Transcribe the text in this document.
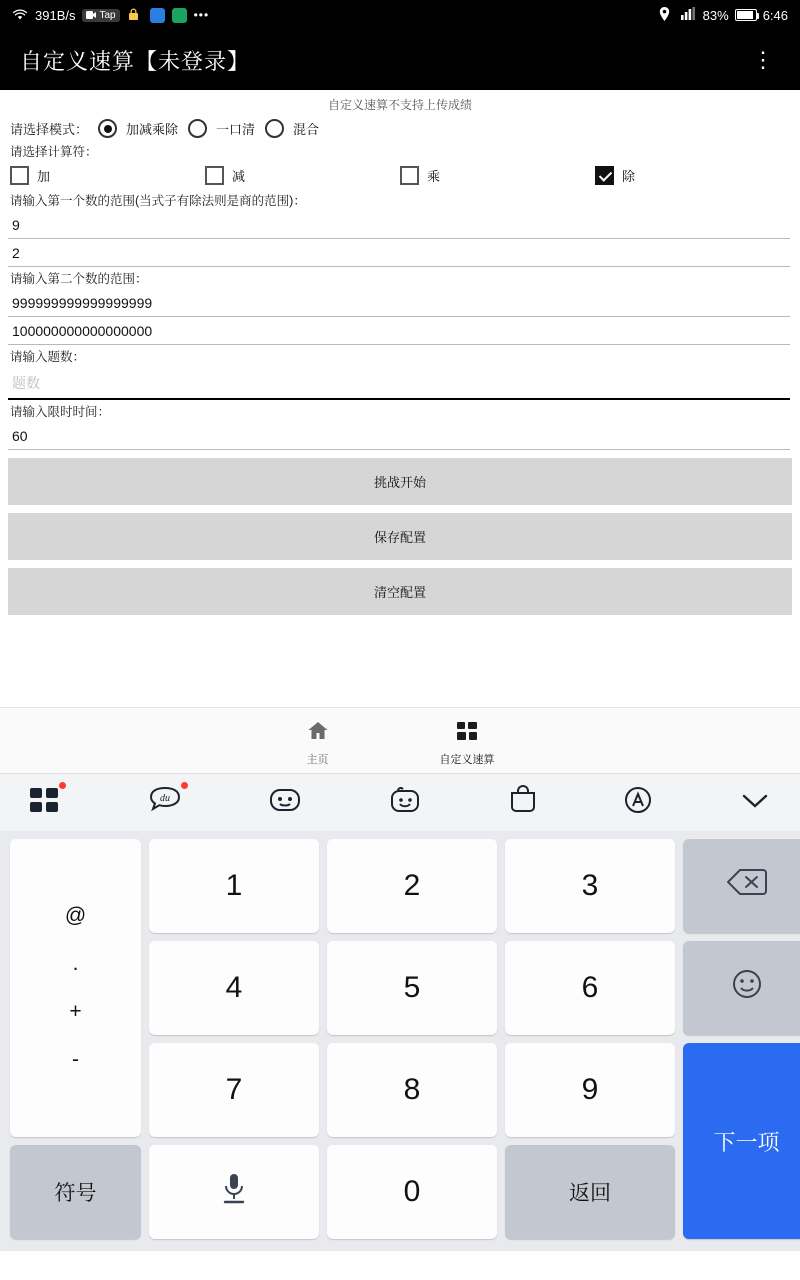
391B/s Tap	•••	83%	6:46
自定义速算【未登录】	⋮
自定义速算不支持上传成绩
请选择模式：	加减乘除	一口清	混合
请选择计算符：
加	减	乘	除
请输入第一个数的范围(当式子有除法则是商的范围)：
9
2
请输入第二个数的范围：
999999999999999999
100000000000000000
请输入题数：
题数
请输入限时时间：
60
挑战开始
保存配置
清空配置
主页	自定义速算
du
@
.
+
-
1	2	3
4	5	6
7	8	9
下一项
符号	0	返回
